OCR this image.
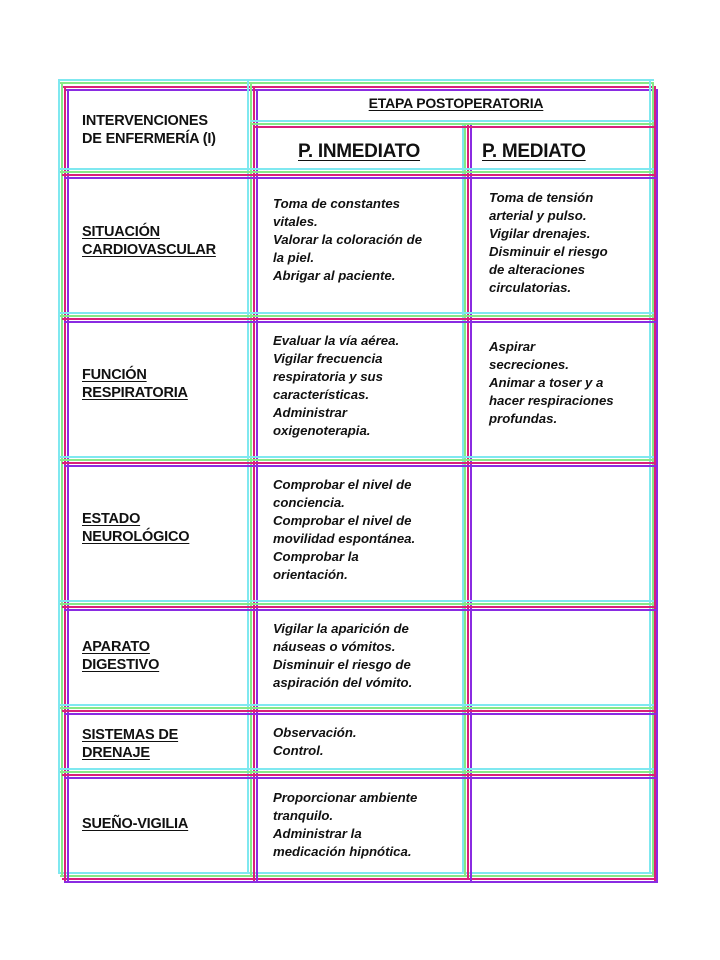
INTERVENCIONES
DE ENFERMERÍA (I)
ETAPA POSTOPERATORIA
P. INMEDIATO	P. MEDIATO
SITUACIÓN
CARDIOVASCULAR
Toma de constantes
vitales.
Valorar la coloración de
la piel.
Abrigar al paciente.
Toma de tensión
arterial y pulso.
Vigilar drenajes.
Disminuir el riesgo
de alteraciones
circulatorias.
FUNCIÓN
RESPIRATORIA
Evaluar la vía aérea.
Vigilar frecuencia
respiratoria y sus
características.
Administrar
oxigenoterapia.
Aspirar
secreciones.
Animar a toser y a
hacer respiraciones
profundas.
ESTADO
NEUROLÓGICO
Comprobar el nivel de
conciencia.
Comprobar el nivel de
movilidad espontánea.
Comprobar la
orientación.
APARATO
DIGESTIVO
Vigilar la aparición de
náuseas o vómitos.
Disminuir el riesgo de
aspiración del vómito.
SISTEMAS DE
DRENAJE
Observación.
Control.
SUEÑO-VIGILIA
Proporcionar ambiente
tranquilo.
Administrar la
medicación hipnótica.
